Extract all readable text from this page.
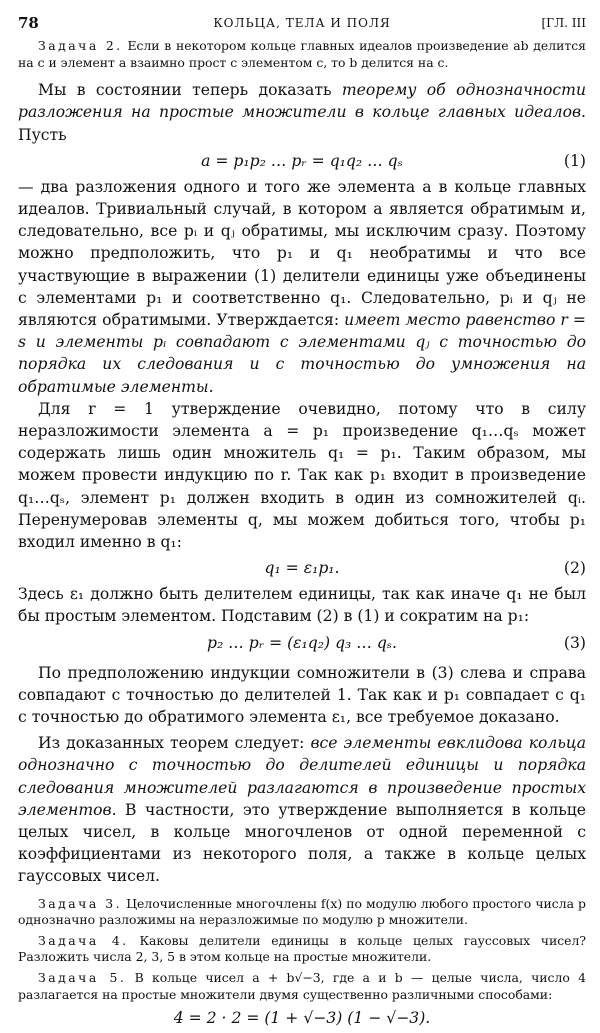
78	КОЛЬЦА, ТЕЛА И ПОЛЯ	[ГЛ. III

Задача 2. Если в некотором кольце главных идеалов произведение ab делится на c и элемент a взаимно прост с элементом c, то b делится на c.

Мы в состоянии теперь доказать теорему об однозначности разложения на простые множители в кольце главных идеалов. Пусть

a = p₁p₂ … pᵣ = q₁q₂ … qₛ	(1)

— два разложения одного и того же элемента a в кольце главных идеалов. Тривиальный случай, в котором a является обратимым и, следовательно, все pᵢ и qⱼ обратимы, мы исключим сразу. Поэтому можно предположить, что p₁ и q₁ необратимы и что все участвующие в выражении (1) делители единицы уже объединены с элементами p₁ и соответственно q₁. Следовательно, pᵢ и qⱼ не являются обратимыми. Утверждается: имеет место равенство r = s и элементы pᵢ совпадают с элементами qⱼ с точностью до порядка их следования и с точностью до умножения на обратимые элементы.

Для r = 1 утверждение очевидно, потому что в силу неразложимости элемента a = p₁ произведение q₁…qₛ может содержать лишь один множитель q₁ = p₁. Таким образом, мы можем провести индукцию по r. Так как p₁ входит в произведение q₁…qₛ, элемент p₁ должен входить в один из сомножителей qᵢ. Перенумеровав элементы q, мы можем добиться того, чтобы p₁ входил именно в q₁:

q₁ = ε₁p₁.	(2)

Здесь ε₁ должно быть делителем единицы, так как иначе q₁ не был бы простым элементом. Подставим (2) в (1) и сократим на p₁:

p₂ … pᵣ = (ε₁q₂) q₃ … qₛ.	(3)

По предположению индукции сомножители в (3) слева и справа совпадают с точностью до делителей 1. Так как и p₁ совпадает с q₁ с точностью до обратимого элемента ε₁, все требуемое доказано.

Из доказанных теорем следует: все элементы евклидова кольца однозначно с точностью до делителей единицы и порядка следования множителей разлагаются в произведение простых элементов. В частности, это утверждение выполняется в кольце целых чисел, в кольце многочленов от одной переменной с коэффициентами из некоторого поля, а также в кольце целых гауссовых чисел.

Задача 3. Целочисленные многочлены f(x) по модулю любого простого числа p однозначно разложимы на неразложимые по модулю p множители.

Задача 4. Каковы делители единицы в кольце целых гауссовых чисел? Разложить числа 2, 3, 5 в этом кольце на простые множители.

Задача 5. В кольце чисел a + b√−3, где a и b — целые числа, число 4 разлагается на простые множители двумя существенно различными способами:

4 = 2 · 2 = (1 + √−3) (1 − √−3).
